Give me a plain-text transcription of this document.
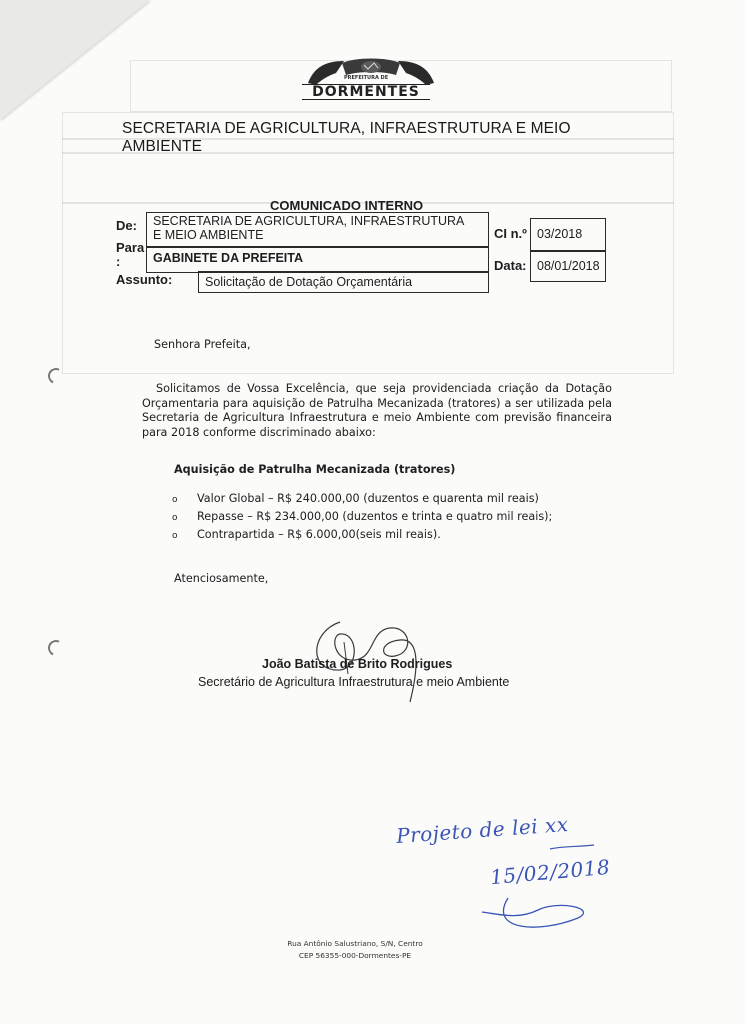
PREFEITURA DE
DORMENTES
SECRETARIA DE AGRICULTURA, INFRAESTRUTURA E MEIO AMBIENTE
COMUNICADO INTERNO
De: SECRETARIA DE AGRICULTURA, INFRAESTRUTURA
E MEIO AMBIENTE
Para
:	GABINETE DA PREFEITA
Assunto:	Solicitação de Dotação Orçamentária
CI n.º 03/2018
Data: 08/01/2018
Senhora Prefeita,
Solicitamos de Vossa Excelência, que seja providenciada criação da Dotação Orçamentaria para aquisição de Patrulha Mecanizada (tratores) a ser utilizada pela Secretaria de Agricultura Infraestrutura e meio Ambiente com previsão financeira para 2018 conforme discriminado abaixo:
Aquisição de Patrulha Mecanizada (tratores)
o Valor Global – R$ 240.000,00 (duzentos e quarenta mil reais)
o Repasse – R$ 234.000,00 (duzentos e trinta e quatro mil reais);
o Contrapartida – R$ 6.000,00(seis mil reais).
Atenciosamente,
João Batista de Brito Rodrigues
Secretário de Agricultura Infraestrutura e meio Ambiente
Projeto de lei xx
15/02/2018
Rua Antônio Salustriano, S/N, Centro
CEP 56355-000-Dormentes-PE
